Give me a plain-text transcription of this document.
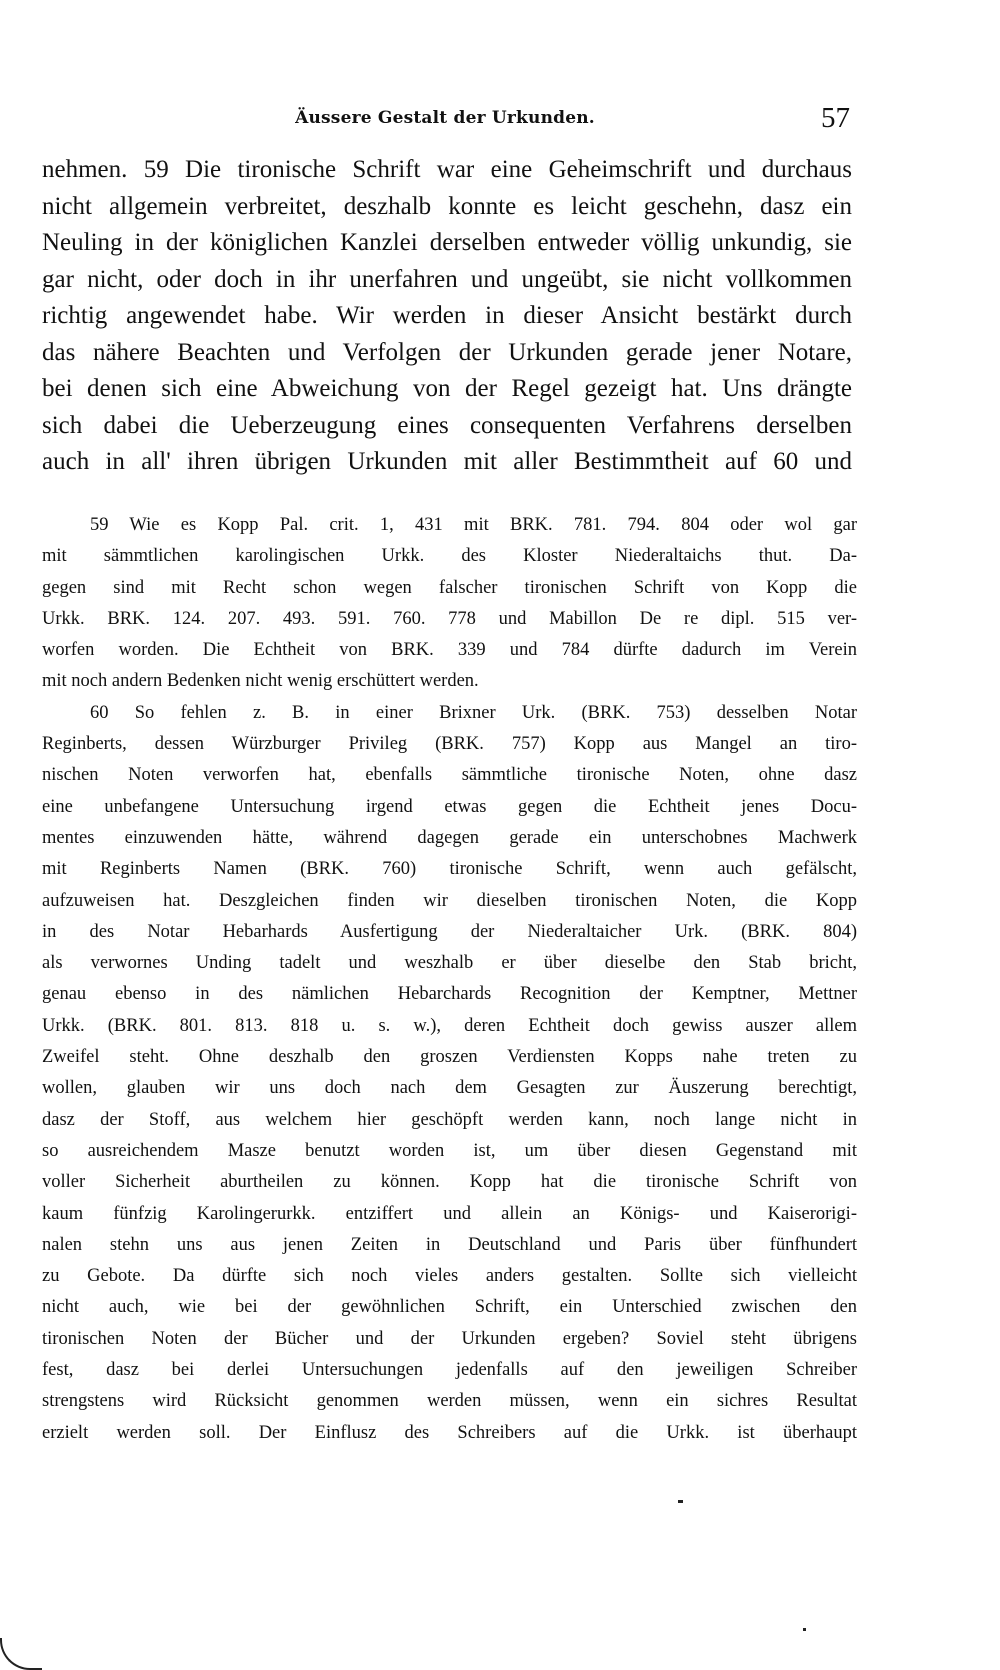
Äussere Gestalt der Urkunden.	57
nehmen. 59 Die tironische Schrift war eine Geheimschrift und durchaus
nicht allgemein verbreitet, deszhalb konnte es leicht geschehn, dasz ein
Neuling in der königlichen Kanzlei derselben entweder völlig unkundig, sie
gar nicht, oder doch in ihr unerfahren und ungeübt, sie nicht vollkommen
richtig angewendet habe. Wir werden in dieser Ansicht bestärkt durch
das nähere Beachten und Verfolgen der Urkunden gerade jener Notare,
bei denen sich eine Abweichung von der Regel gezeigt hat. Uns drängte
sich dabei die Ueberzeugung eines consequenten Verfahrens derselben
auch in all' ihren übrigen Urkunden mit aller Bestimmtheit auf 60 und
59 Wie es Kopp Pal. crit. 1, 431 mit BRK. 781. 794. 804 oder wol gar
mit sämmtlichen karolingischen Urkk. des Kloster Niederaltaichs thut. Da-
gegen sind mit Recht schon wegen falscher tironischen Schrift von Kopp die
Urkk. BRK. 124. 207. 493. 591. 760. 778 und Mabillon De re dipl. 515 ver-
worfen worden. Die Echtheit von BRK. 339 und 784 dürfte dadurch im Verein
mit noch andern Bedenken nicht wenig erschüttert werden.
60 So fehlen z. B. in einer Brixner Urk. (BRK. 753) desselben Notar
Reginberts, dessen Würzburger Privileg (BRK. 757) Kopp aus Mangel an tiro-
nischen Noten verworfen hat, ebenfalls sämmtliche tironische Noten, ohne dasz
eine unbefangene Untersuchung irgend etwas gegen die Echtheit jenes Docu-
mentes einzuwenden hätte, während dagegen gerade ein unterschobnes Machwerk
mit Reginberts Namen (BRK. 760) tironische Schrift, wenn auch gefälscht,
aufzuweisen hat. Deszgleichen finden wir dieselben tironischen Noten, die Kopp
in des Notar Hebarhards Ausfertigung der Niederaltaicher Urk. (BRK. 804)
als verwornes Unding tadelt und weszhalb er über dieselbe den Stab bricht,
genau ebenso in des nämlichen Hebarchards Recognition der Kemptner, Mettner
Urkk. (BRK. 801. 813. 818 u. s. w.), deren Echtheit doch gewiss auszer allem
Zweifel steht. Ohne deszhalb den groszen Verdiensten Kopps nahe treten zu
wollen, glauben wir uns doch nach dem Gesagten zur Äuszerung berechtigt,
dasz der Stoff, aus welchem hier geschöpft werden kann, noch lange nicht in
so ausreichendem Masze benutzt worden ist, um über diesen Gegenstand mit
voller Sicherheit aburtheilen zu können. Kopp hat die tironische Schrift von
kaum fünfzig Karolingerurkk. entziffert und allein an Königs- und Kaiserorigi-
nalen stehn uns aus jenen Zeiten in Deutschland und Paris über fünfhundert
zu Gebote. Da dürfte sich noch vieles anders gestalten. Sollte sich vielleicht
nicht auch, wie bei der gewöhnlichen Schrift, ein Unterschied zwischen den
tironischen Noten der Bücher und der Urkunden ergeben? Soviel steht übrigens
fest, dasz bei derlei Untersuchungen jedenfalls auf den jeweiligen Schreiber
strengstens wird Rücksicht genommen werden müssen, wenn ein sichres Resultat
erzielt werden soll. Der Einflusz des Schreibers auf die Urkk. ist überhaupt
